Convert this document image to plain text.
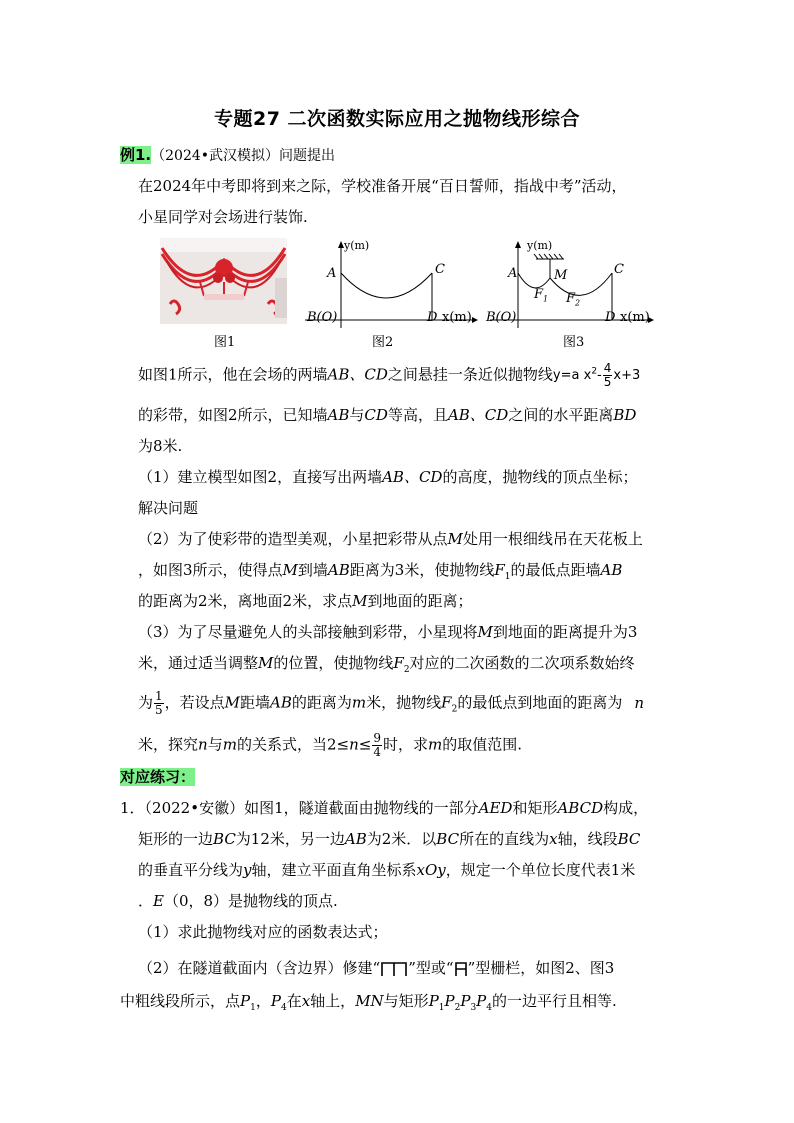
专题27 二次函数实际应用之抛物线形综合
例1.（2024•武汉模拟）问题提出
在2024年中考即将到来之际，学校准备开展“百日誓师，指战中考”活动，
小星同学对会场进行装饰.
图1
y(m)
A	C
B(O)	D x(m)
图2
y(m)
A	M	C
$F_1$ $F_2$
B(O)	D x(m)
图3
如图1所示，他在会场的两墙AB、CD之间悬挂一条近似抛物线y=a $x^2- \frac{4}{5} x+3$
的彩带，如图2所示，已知墙AB与CD等高，且AB、CD之间的水平距离BD
为8米.
（1）建立模型如图2，直接写出两墙AB、CD的高度，抛物线的顶点坐标；
解决问题
（2）为了使彩带的造型美观，小星把彩带从点M处用一根细线吊在天花板上
，如图3所示，使得点M到墙AB距离为3米，使抛物线$F_1$的最低点距墙AB
的距离为2米，离地面2米，求点M到地面的距离；
（3）为了尽量避免人的头部接触到彩带，小星现将M到地面的距离提升为3
米，通过适当调整M的位置，使抛物线$F_2$对应的二次函数的二次项系数始终
为 $\frac{1}{5}$ ，若设点M距墙AB的距离为m米，抛物线$F_2$的最低点到地面的距离为 n
米，探究n与m的关系式，当$2\le n\le \frac{9}{4}$ 时，求m的取值范围.
对应练习：
1．（2022•安徽）如图1，隧道截面由抛物线的一部分AED和矩形ABCD构成，
矩形的一边BC为12米，另一边AB为2米．以BC所在的直线为x轴，线段BC
的垂直平分线为y轴，建立平面直角坐标系xOy，规定一个单位长度代表1米
．E（0，8）是抛物线的顶点.
（1）求此抛物线对应的函数表达式；
（2）在隧道截面内（含边界）修建“ ”型或“ ”型栅栏，如图2、图3
中粗线段所示，点$P_1$，$P_4$在x轴上，MN与矩形$P_1P_2P_3P_4$的一边平行且相等.
